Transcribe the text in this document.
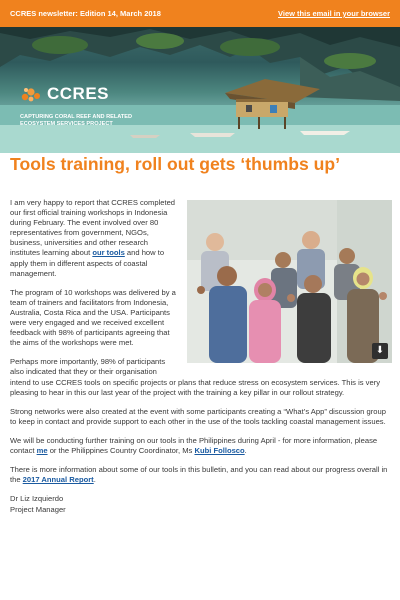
CCRES newsletter: Edition 14, March 2018	View this email in your browser
CCRES
CAPTURING CORAL REEF AND RELATED
ECOSYSTEM SERVICES PROJECT
Tools training, roll out gets ‘thumbs up’
⬇

I am very happy to report that CCRES completed our first official training workshops in Indonesia during February. The event involved over 80 representatives from government, NGOs, business, universities and other research institutes learning about our tools and how to apply them in different aspects of coastal management.

The program of 10 workshops was delivered by a team of trainers and facilitators from Indonesia, Australia, Costa Rica and the USA. Participants were very engaged and we received excellent feedback with 98% of participants agreeing that the aims of the workshops were met.

Perhaps more importantly, 98% of participants also indicated that they or their organisation intend to use CCRES tools on specific projects or plans that reduce stress on ecosystem services. This is very pleasing to hear in this our last year of the project with the training a key pillar in our rollout strategy.

Strong networks were also created at the event with some participants creating a “What’s App” discussion group to keep in contact and provide support to each other in the use of the tools tackling coastal management issues.

We will be conducting further training on our tools in the Philippines during April - for more information, please contact me or the Philippines Country Coordinator, Ms Kubi Follosco.

There is more information about some of our tools in this bulletin, and you can read about our progress overall in the 2017 Annual Report.

Dr Liz Izquierdo
Project Manager
